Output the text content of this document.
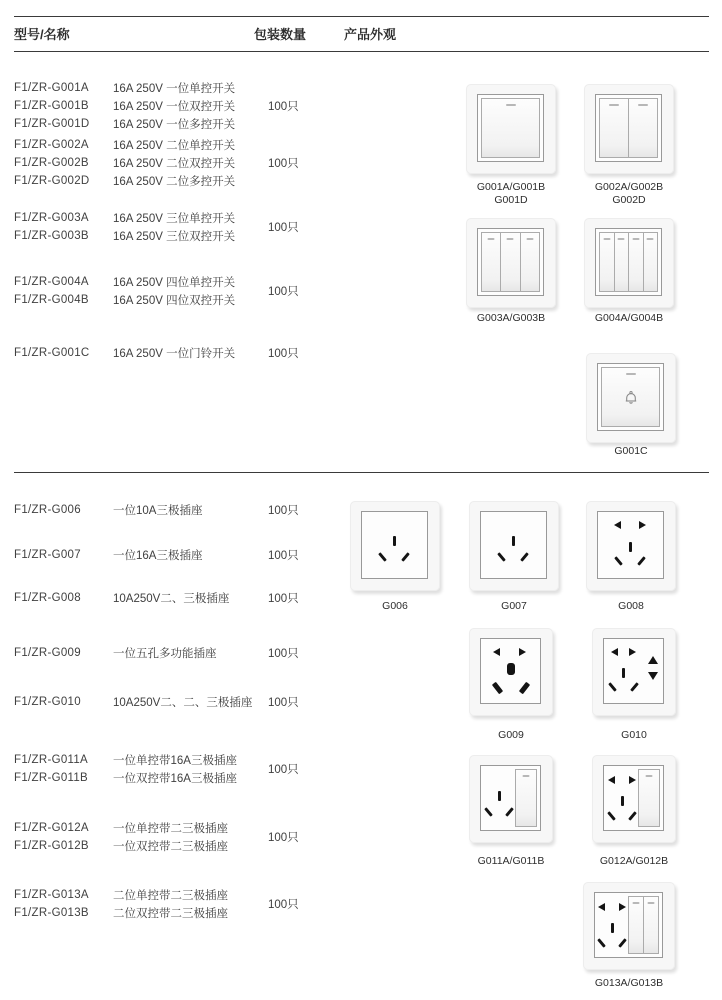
型号/名称	包装数量	产品外观
F1/ZR-G001A	16A 250V 一位单控开关
F1/ZR-G001B	16A 250V 一位双控开关
F1/ZR-G001D	16A 250V 一位多控开关
100只
F1/ZR-G002A	16A 250V 二位单控开关
F1/ZR-G002B	16A 250V 二位双控开关
F1/ZR-G002D	16A 250V 二位多控开关
100只
F1/ZR-G003A	16A 250V 三位单控开关
F1/ZR-G003B	16A 250V 三位双控开关
100只
F1/ZR-G004A	16A 250V 四位单控开关
F1/ZR-G004B	16A 250V 四位双控开关
100只
F1/ZR-G001C	16A 250V 一位门铃开关	100只
F1/ZR-G006	一位10A三极插座	100只
F1/ZR-G007	一位16A三极插座	100只
F1/ZR-G008	10A250V二、三极插座	100只
F1/ZR-G009	一位五孔多功能插座	100只
F1/ZR-G010	10A250V二、二、三极插座 100只
F1/ZR-G011A	一位单控带16A三极插座
F1/ZR-G011B	一位双控带16A三极插座
100只
F1/ZR-G012A	一位单控带二三极插座
F1/ZR-G012B	一位双控带二三极插座
100只
F1/ZR-G013A	二位单控带二三极插座
F1/ZR-G013B	二位双控带二三极插座
100只
G001A/G001B
G001D
G002A/G002B
G002D
G003A/G003B	G004A/G004B
G001C
G006	G007	G008
G009	G010
G011A/G011B	G012A/G012B
G013A/G013B
